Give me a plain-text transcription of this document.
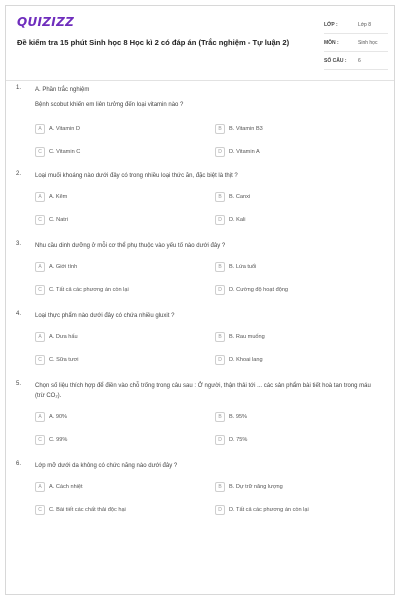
QUIZIZZ
Đề kiểm tra 15 phút Sinh học 8 Học kì 2 có đáp án (Trắc nghiệm - Tự luận 2)
LỚP :	Lớp 8
MÔN :	Sinh học
SỐ CÂU :	6
1. A. Phần trắc nghiệm
Bệnh scobut khiến em liên tưởng đến loại vitamin nào ?
A	A. Vitamin D	B	B. Vitamin B3
C	C. Vitamin C	D	D. Vitamin A
2. Loại muối khoáng nào dưới đây có trong nhiều loại thức ăn, đặc biệt là thịt ?
A	A. Kẽm	B	B. Canxi
C	C. Natri	D	D. Kali
3. Nhu cầu dinh dưỡng ở mỗi cơ thể phụ thuộc vào yếu tố nào dưới đây ?
A	A. Giới tính	B	B. Lứa tuổi
C	C. Tất cả các phương án còn lại	D	D. Cường độ hoạt động
4. Loại thực phẩm nào dưới đây có chứa nhiều gluxit ?
A	A. Dưa hấu	B	B. Rau muống
C	C. Sữa tươi	D	D. Khoai lang
5. Chọn số liệu thích hợp để điền vào chỗ trống trong câu sau : Ở người, thận thải tới ... các sản phẩm bài tiết hoà tan trong máu (trừ CO₂).
A	A. 90%	B	B. 95%
C	C. 99%	D	D. 75%
6. Lớp mỡ dưới da không có chức năng nào dưới đây ?
A	A. Cách nhiệt	B	B. Dự trữ năng lượng
C	C. Bài tiết các chất thải độc hại	D	D. Tất cả các phương án còn lại
